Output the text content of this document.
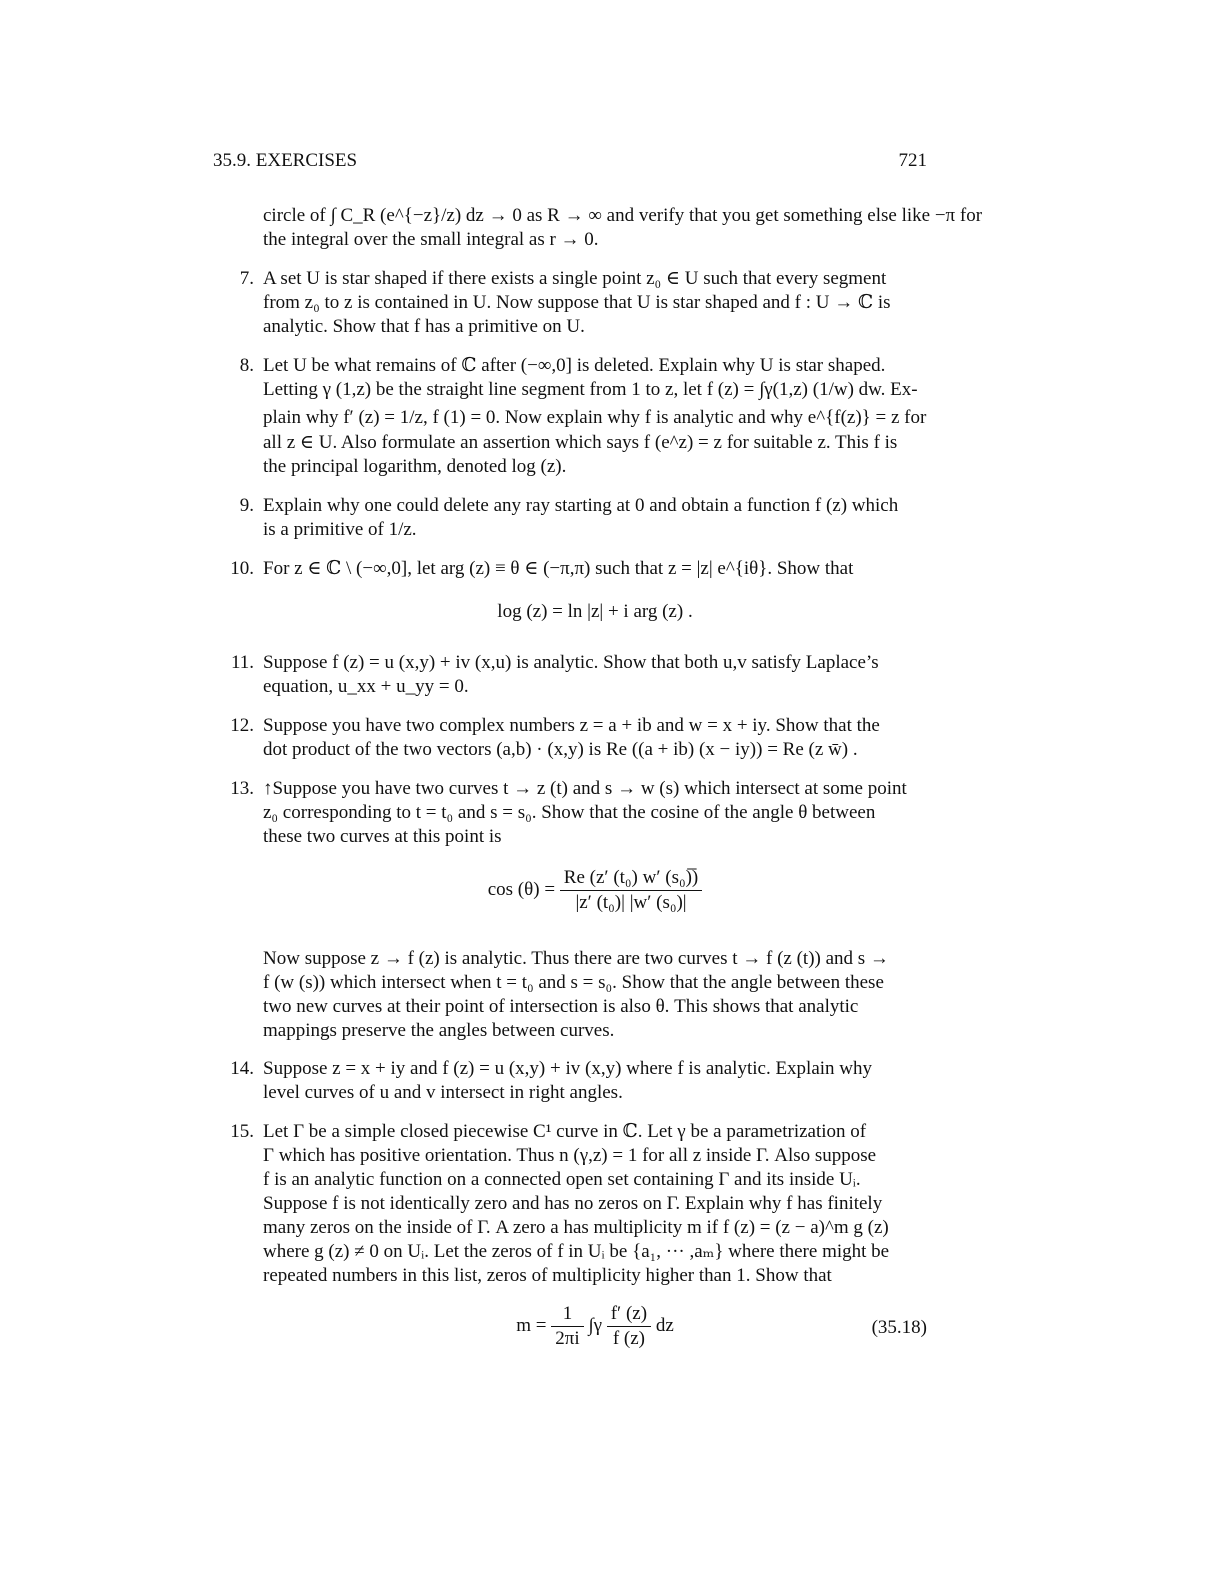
35.9. EXERCISES	721
circle of ∫ C_R (e^{−z}/z) dz → 0 as R → ∞ and verify that you get something else like −π for
the integral over the small integral as r → 0.
7. A set U is star shaped if there exists a single point z₀ ∈ U such that every segment
from z₀ to z is contained in U. Now suppose that U is star shaped and f : U → ℂ is
analytic. Show that f has a primitive on U.
8. Let U be what remains of ℂ after (−∞,0] is deleted. Explain why U is star shaped.
Letting γ (1,z) be the straight line segment from 1 to z, let f (z) = ∫γ(1,z) (1/w) dw. Ex-
plain why f′ (z) = 1/z, f (1) = 0. Now explain why f is analytic and why e^{f(z)} = z for
all z ∈ U. Also formulate an assertion which says f (e^z) = z for suitable z. This f is
the principal logarithm, denoted log (z).
9. Explain why one could delete any ray starting at 0 and obtain a function f (z) which
is a primitive of 1/z.
10. For z ∈ ℂ \ (−∞,0], let arg (z) ≡ θ ∈ (−π,π) such that z = |z| e^{iθ}. Show that
log (z) = ln |z| + i arg (z) .
11. Suppose f (z) = u (x,y) + iv (x,u) is analytic. Show that both u,v satisfy Laplace’s
equation, u_xx + u_yy = 0.
12. Suppose you have two complex numbers z = a + ib and w = x + iy. Show that the
dot product of the two vectors (a,b) · (x,y) is Re ((a + ib) (x − iy)) = Re (z w̄) .
13. ↑Suppose you have two curves t → z (t) and s → w (s) which intersect at some point
z₀ corresponding to t = t₀ and s = s₀. Show that the cosine of the angle θ between
these two curves at this point is
$\cos (\theta) = \frac{\text{Re (z′ (t₀) w′ (s₀)̅)}}{\text{|z′ (t₀)| |w′ (s₀)|}}$
Now suppose z → f (z) is analytic. Thus there are two curves t → f (z (t)) and s →
f (w (s)) which intersect when t = t₀ and s = s₀. Show that the angle between these
two new curves at their point of intersection is also θ. This shows that analytic
mappings preserve the angles between curves.
14. Suppose z = x + iy and f (z) = u (x,y) + iv (x,y) where f is analytic. Explain why
level curves of u and v intersect in right angles.
15. Let Γ be a simple closed piecewise C¹ curve in ℂ. Let γ be a parametrization of
Γ which has positive orientation. Thus n (γ,z) = 1 for all z inside Γ. Also suppose
f is an analytic function on a connected open set containing Γ and its inside Uᵢ.
Suppose f is not identically zero and has no zeros on Γ. Explain why f has finitely
many zeros on the inside of Γ. A zero a has multiplicity m if f (z) = (z − a)^m g (z)
where g (z) ≠ 0 on Uᵢ. Let the zeros of f in Uᵢ be {a₁, ··· ,aₘ} where there might be
repeated numbers in this list, zeros of multiplicity higher than 1. Show that
$m = \frac{1}{2\pi i} \int\gamma \frac{f' (z)}{f (z)}$ dz	(35.18)
